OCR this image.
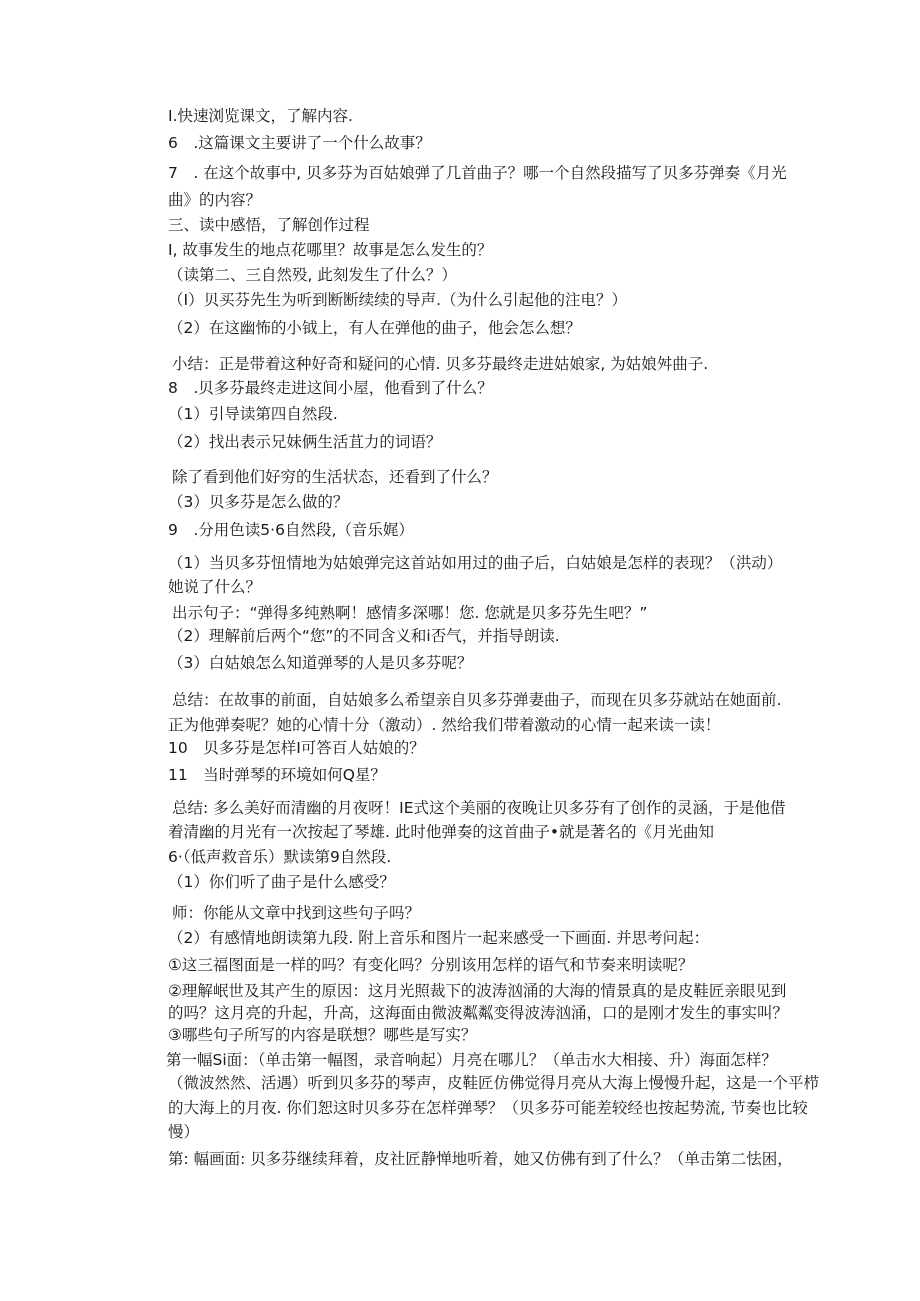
I.快速浏览课文，了解内容.

6　.这篇课文主要讲了一个什么故事？

7　. 在这个故事中, 贝多芬为百姑娘弹了几首曲子？哪一个自然段描写了贝多芬弹奏《月光

曲》的内容？

三、读中感悟，了解创作过程

I, 故事发生的地点花哪里？故事是怎么发生的？

（读第二、三自然殁, 此刻发生了什么？）

（I）贝买芬先生为听到断断续续的导声.（为什么引起他的注电？）

（2）在这幽怖的小钺上，有人在弹他的曲子，他会怎么想？

小结：正是带着这种好奇和疑问的心情. 贝多芬最终走进姑娘家, 为姑娘舛曲子.

8　.贝多芬最终走进这间小屋，他看到了什么？

（1）引导读第四自然段.

（2）找出表示兄妹俩生活苴力的词语？

除了看到他们好穷的生活状态，还看到了什么？

（3）贝多芬是怎么做的？

9　.分用色读5·6自然段,（音乐娓）

（1）当贝多芬忸情地为姑娘弹完这首站如用过的曲子后，白姑娘是怎样的表现？（洪动）

她说了什么？

出示句子：“弹得多纯熟啊！感情多深哪！您. 您就是贝多芬先生吧？”

（2）理解前后两个“您”的不同含义和i否气，并指导朗读.

（3）白姑娘怎么知道弹琴的人是贝多芬呢？

总结：在故事的前面，自姑娘多么希望亲自贝多芬弹妻曲子，而现在贝多芬就站在她面前.

正为他弹奏呢？她的心情十分（激动）. 然给我们带着激动的心情一起来读一读！

10　贝多芬是怎样I可答百人姑娘的？

11　当时弹琴的环境如何Q星？

总结: 多么美好而清幽的月夜呀！IE式这个美丽的夜晚让贝多芬有了创作的灵涵，于是他借

着清幽的月光有一次按起了琴雄. 此时他弹奏的这首曲子•就是著名的《月光曲知

6·（低声救音乐）默读第9自然段.

（1）你们听了曲子是什么感受？

师：你能从文章中找到这些句子吗？

（2）有感情地朗读第九段. 附上音乐和图片一起来感受一下画面. 并思考问起：

①这三福图面是一样的吗？有变化吗？分别该用怎样的语气和节奏来明读呢？

②理解岷世及其产生的原因：这月光照裁下的波涛汹涌的大海的情景真的是皮鞋匠亲眼见到

的吗？这月亮的升起，升高，这海面由微波粼粼变得波涛汹涌，口的是刚才发生的事实叫？

③哪些句子所写的内容是联想？哪些是写实？

第一幅Si面：（单击第一幅图，录音响起）月亮在哪儿？（单击水大相接、升）海面怎样？

（微波然然、活遇）听到贝多芬的琴声，皮鞋匠仿佛觉得月亮从大海上慢慢升起，这是一个平栉

的大海上的月夜. 你们恕这时贝多芬在怎样弹琴？（贝多芬可能差较经也按起势流, 节奏也比较

慢）

第: 幅画面: 贝多芬继续拜着，皮社匠静惮地听着，她又仿佛有到了什么？（单击第二怯困，
